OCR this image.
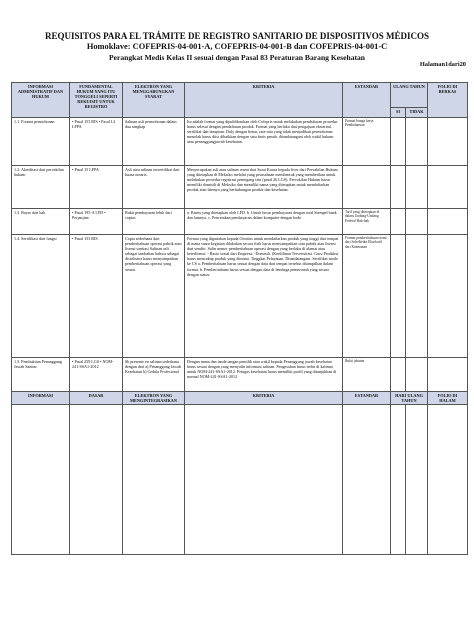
REQUISITOS PARA EL TRÁMITE DE REGISTRO SANITARIO DE DISPOSITIVOS MÉDICOS
Homoklave: COFEPRIS-04-001-A, COFEPRIS-04-001-B dan COFEPRIS-04-001-C
Perangkat Medis Kelas II sesuai dengan Pasal 83 Peraturan Barang Kesehatan
Halaman1dari20
INFORMASI ADMINISTRATIF DAN HUKUM	FUNDAMENTAL HUKUM YANG ITU TONGGELI SEPERTI REKUISIT UNTUK REGISTRO	ELEKTRON YANG MENGGABUNGKAN SYARAT	KRITERIA	ESTANDAR	ULANG TAHUN		FOLIO DI BERKAS
					SI	TIDAK	
1.1. Format permohonan	• Pasal 153 RIS • Pasal 14 LFPA	Salinan asli permohonan dalam dua rangkap	Itu adalah format yang dipublikasikan oleh Cofepris untuk melakukan pendaftaran prosedur harus selesai dengan pendaftaran produk. Format yang berlaku dari pengajuan eksternal, sertifikat dan lampiran. Duly dengan benar, rata-rata yang tidak menjadikan permohonan menolak harus diisi dibaikkan dengan satu baris penuh, ditandatangani oleh wakil hukum atau penanggungjawab kesehatan.	Format bunga kerja. Pembaharuan			
1.2. Akreditasi dari pervakilan hukum	• Pasal 15 LFPA	Asli atau salinan tersertifikat dari kuasa notaris.	Menyerupakan asli atau salinan resmi dari Surat Kuasa kepada fiver dari Pervakilan Hukum yang ditetapkan di Meksiko melalui yang perusahaan membentuk yang memberikan untuk melakukan prosedur registrasi pemegang izin (pasal 26 LGS). Pervakilan Hukum harus memiliki domisili di Meksiko dan memiliki nama yang ditetapkan untuk mendaftarkan produk atau lainnya yang berhubungan produk dan kesehatan.				
1.3. Bayar dari hak	• Pasal 195-A LFD • Perjanjian	Bukti pembayaran lebih dari copias	a. Bisnis yang ditetapkan oleh LFD. b. Untuk besar pembayaran dengan total Stempel bank dan lainnya. c. Pencetakan pembayaran dalam komputer dengan kode	Tarif yang ditetapkan di dalam Undang-Undang Federal Hak-hak			
1.4. Sertifikasi dari fungsi	• Pasal 153 RIS	Copia sederhana dari pemberitahuan operasi pabrik atau lisensi sanitasi Salinan asli sebagai tambahan bahwa sebagai distributor harus menyampaikan pemberitahuan operasi yang sesuai.	Format yang digunakan kepada Otoritas untuk mendaftarkan produk yang tinggi dari tempat di mana suatu kegiatan dilakukan secara fisik harus menyampaikan satu pabrik atau lisensi dari sendiri. Salin nomor pemberitahuan operasi dengan yang berlaku di alamat atau keterlitensi: - Rasio sosial dari Empresa. -Domisili. (Kerdilinan Terverisirasi. Guru Produksi harus mencakup produk yang diminta. Tinggkat Pelayanan. Ditandatangani. Sertifikat mode ke CS a. Pemberitahuan harus sesuai dengan data dari tempat tersebut ditampilkan dalam format. b. Pemberitahuan harus sesuai dengan data di lembaga pemerintah yang sesuai dengan status.	Format pemberitahuan resmi dari Sobelbrikn Eksekutif dari Keamanan			
1.5. Pembuktian Penanggung Jawab Sanitar	• Pasal 259 LGS • NOM-241-SSA1-2012	Sb presente en salinan sederhana dengan dari a) Penanggung Jawab Kesehatan b) Cedula Profesional	Dengan nama dan tanda tangan pemilik atau wakil kepada Penanggung jawab kesehatan harus sesuai dengan yang menyalin informasi salinan. Pengesahan harus terbit di kalimat untuk NOM-241-SSA1-2012. Petugas kesehatan harus memiliki profil yang ditunjukkan di normal NOM-241-SSA1-2012	Bukti jabatan			
INFORMASI	DASAR	ELEKTRON YANG MENGINTEGRASIKAN	KRITERIA	ESTANDAR	HARI ULANG TAHUN		FOLIO DI HALAM
